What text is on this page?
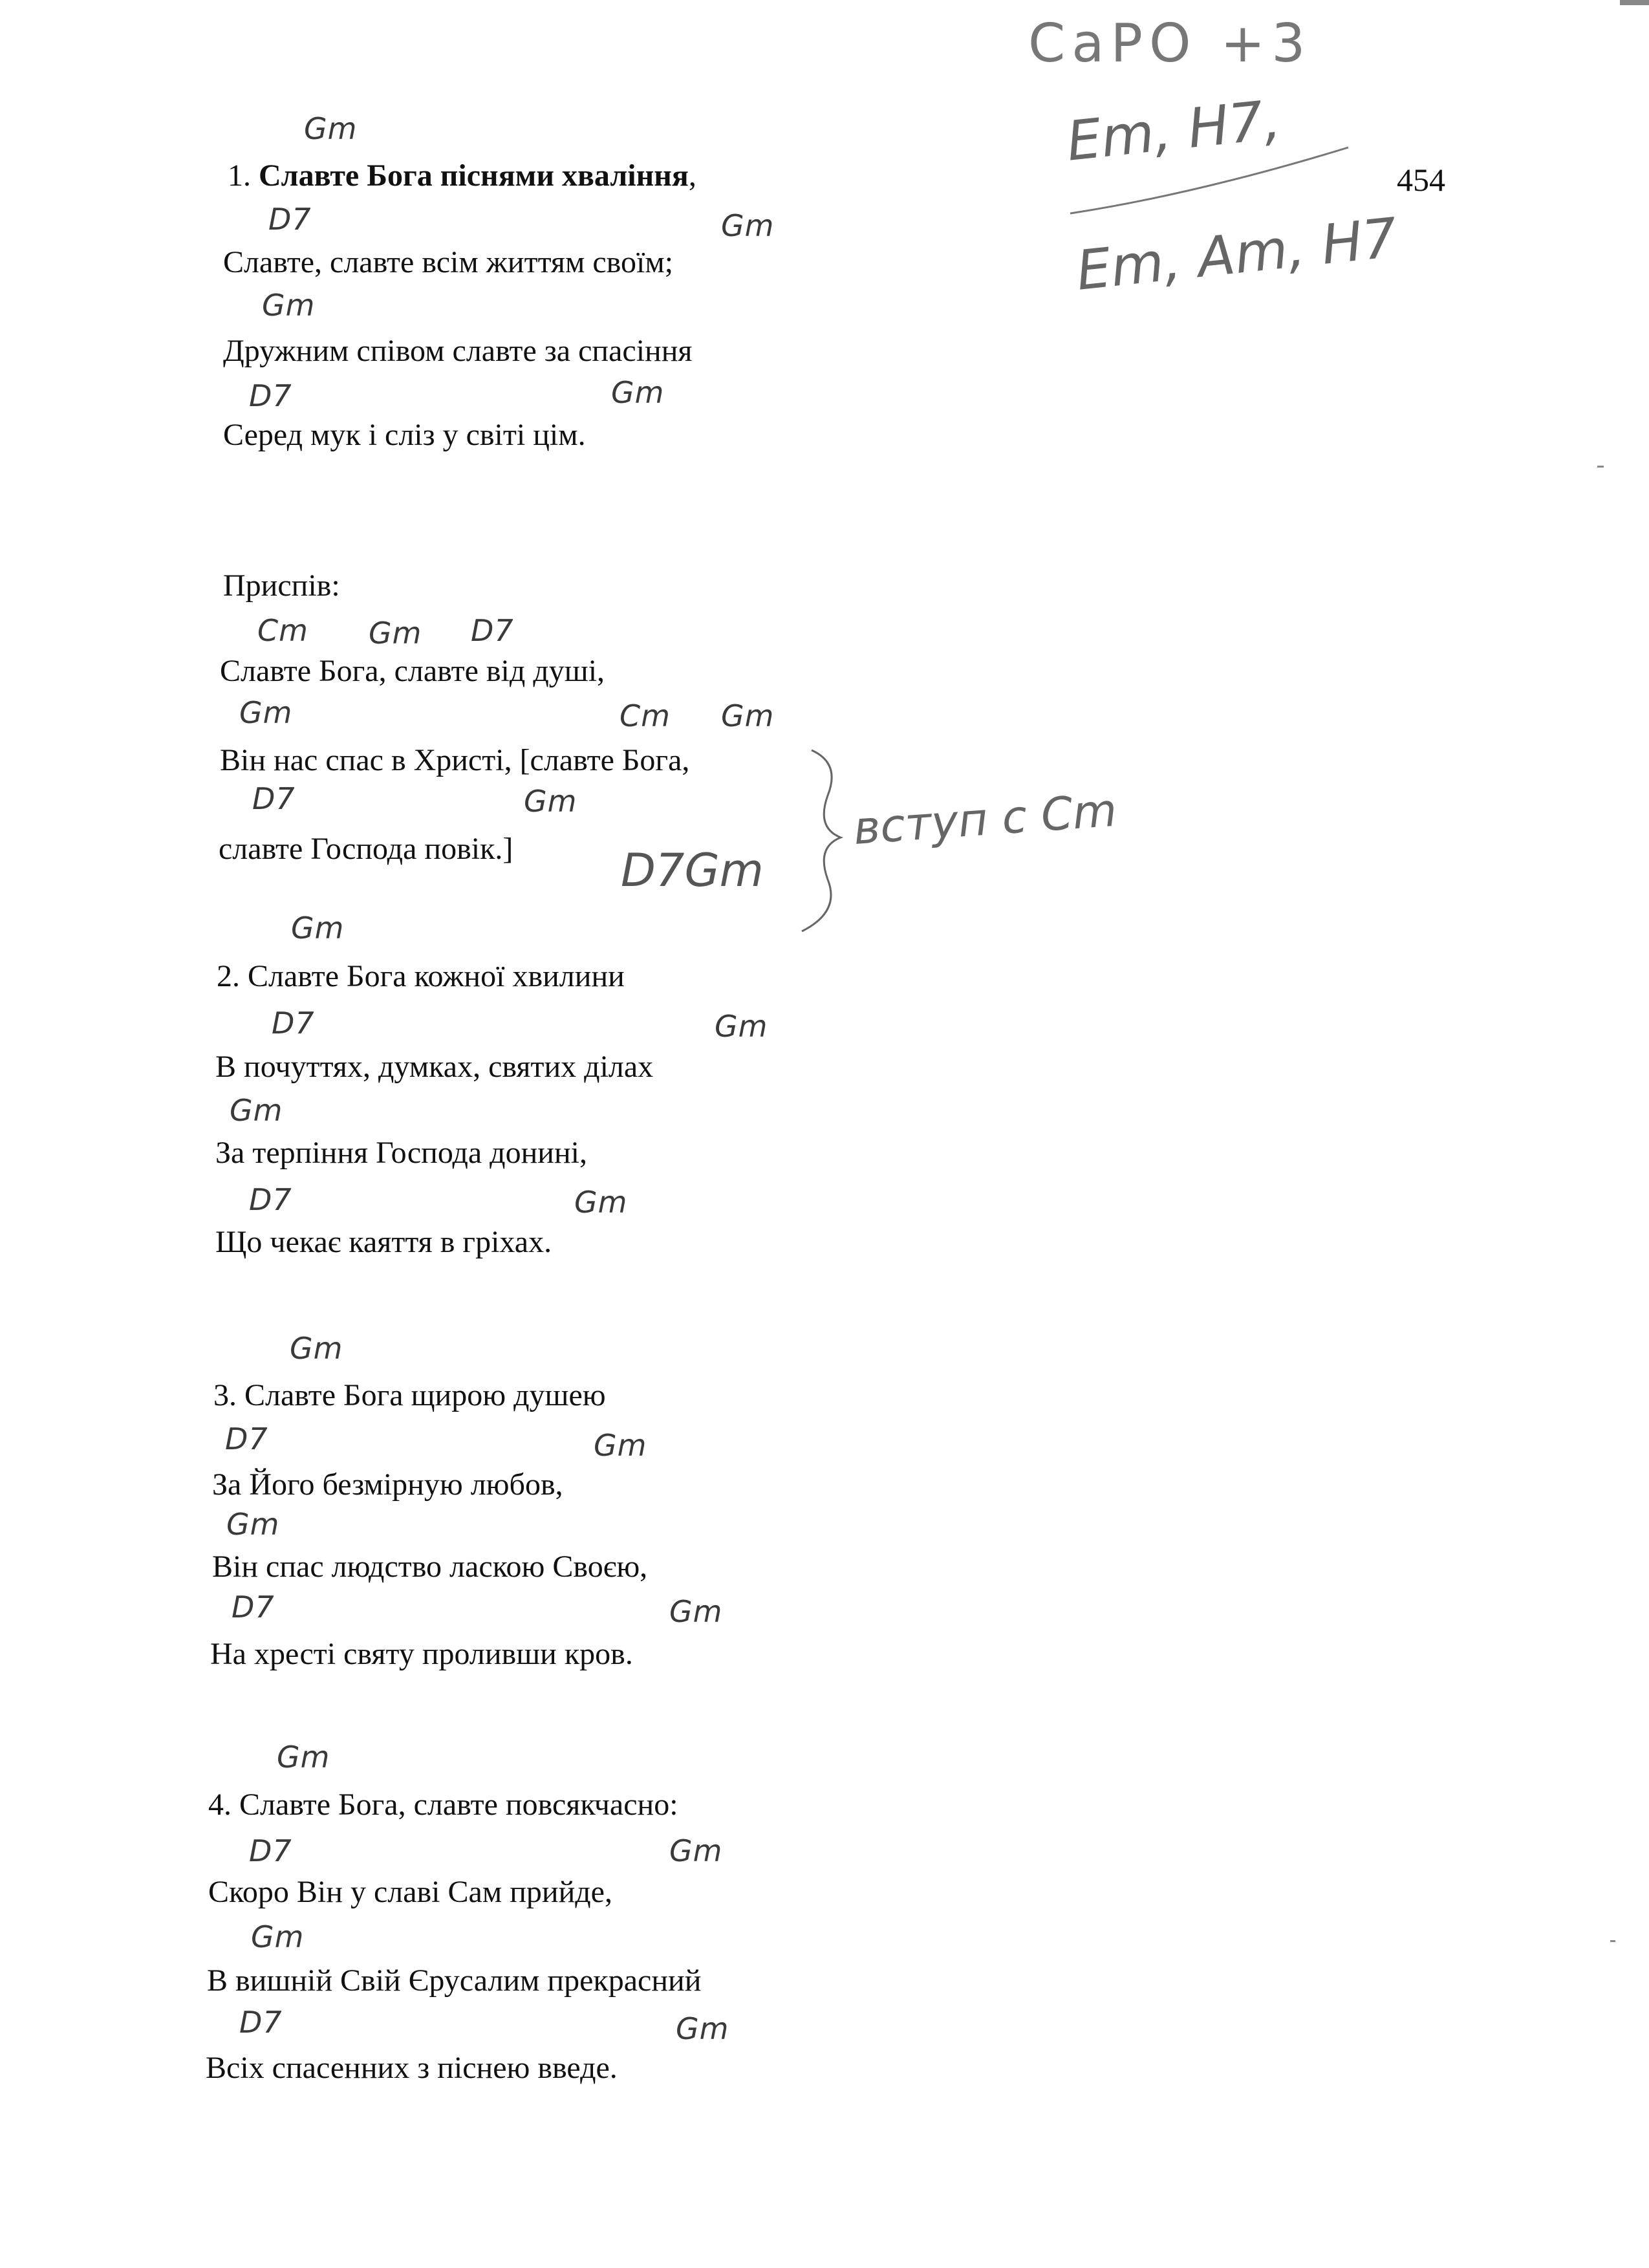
454
CaPO +3
Em, H7,
Em, Am, H7
вступ с Cm
Gm
1. Славте Бога піснями хваління,
D7	Gm
Славте, славте всім життям своїм;
Gm
Дружним співом славте за спасіння
D7	Gm
Серед мук і сліз у світі цім.
Приспів:
Cm Gm D7
Славте Бога, славте від душі,
Gm	Cm Gm
Він нас спас в Христі, [славте Бога,
D7	Gm
славте Господа повік.] D7Gm
Gm
2. Славте Бога кожної хвилини
D7	Gm
В почуттях, думках, святих ділах
Gm
За терпіння Господа донині,
D7	Gm
Що чекає каяття в гріхах.
Gm
3. Славте Бога щирою душею
D7	Gm
За Його безмірную любов,
Gm
Він спас людство ласкою Своєю,
D7	Gm
На хресті святу проливши кров.
Gm
4. Славте Бога, славте повсякчасно:
D7	Gm
Скоро Він у славі Сам прийде,
Gm
В вишній Свій Єрусалим прекрасний
D7	Gm
Всіх спасенних з піснею введе.
